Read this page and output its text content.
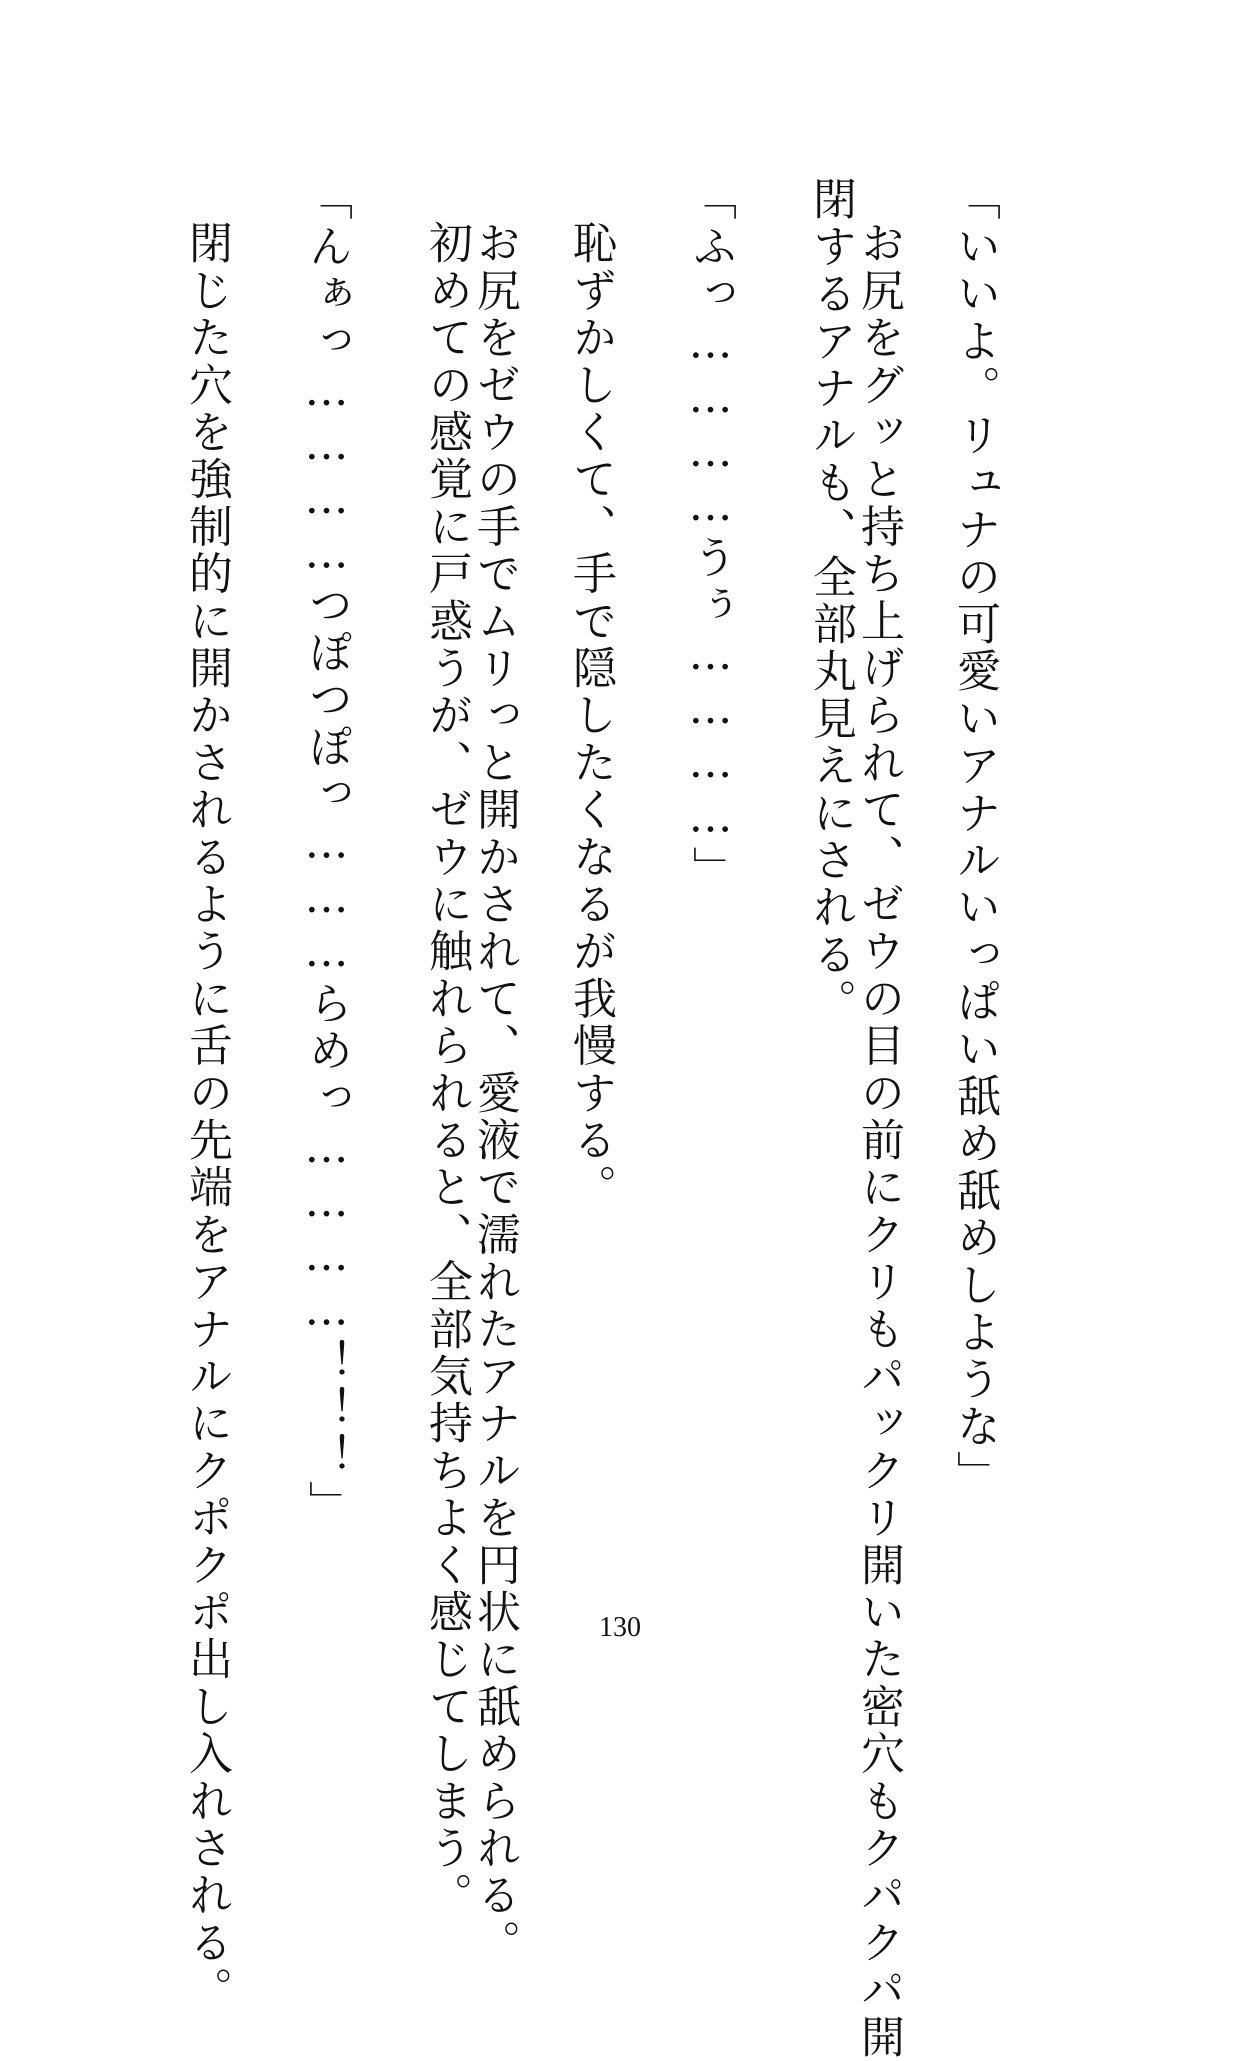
「いいよ。リュナの可愛いアナルいっぱい舐め舐めしような」
お尻をグッと持ち上げられて、ゼウの目の前にクリもパックリ開いた密穴もクパクパ開
閉するアナルも、全部丸見えにされる。
「ふっ…………うぅ…………」
恥ずかしくて、手で隠したくなるが我慢する。
お尻をゼウの手でムリっと開かされて、愛液で濡れたアナルを円状に舐められる。
初めての感覚に戸惑うが、ゼウに触れられると、全部気持ちよく感じてしまう。
「んぁっ…………つぽつぽっ………らめっ…………！！！」
閉じた穴を強制的に開かされるように舌の先端をアナルにクポクポ出し入れされる。	130
